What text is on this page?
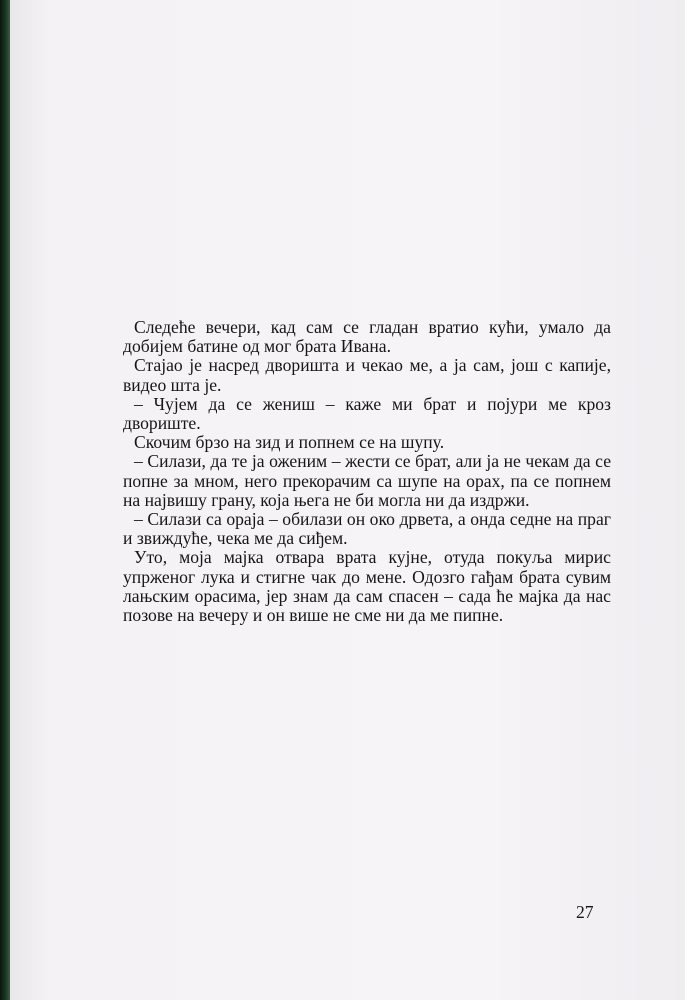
Следеће вечери, кад сам се гладан вратио кући, умало да добијем батине од мог брата Ивана.

Стајао је насред дворишта и чекао ме, а ја сам, још с капије, видео шта је.

– Чујем да се жениш – каже ми брат и појури ме кроз двориште.

Скочим брзо на зид и попнем се на шупу.

– Силази, да те ја оженим – жести се брат, али ја не чекам да се попне за мном, него прекорачим са шупе на орах, па се попнем на највишу грану, која њега не би могла ни да издржи.

– Силази са ораја – обилази он око дрвета, а онда седне на праг и звиждуће, чека ме да сиђем.

Уто, моја мајка отвара врата кујне, отуда покуља мирис упрженог лука и стигне чак до мене. Одозго гађам брата сувим лањским орасима, јер знам да сам спасен – сада ће мајка да нас позове на вечеру и он више не сме ни да ме пипне.

27
